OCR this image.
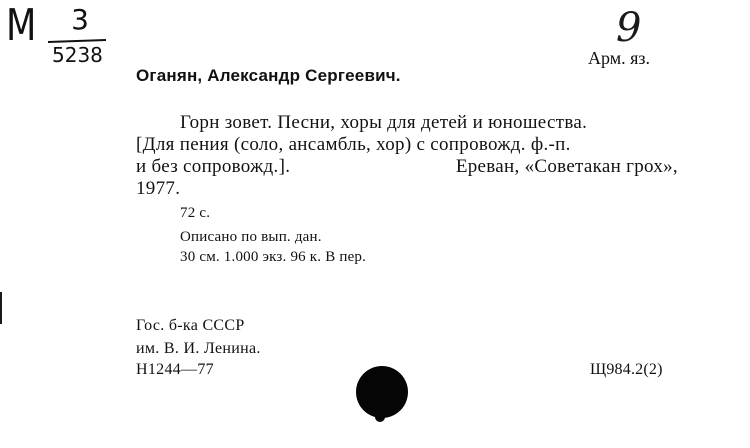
М	3
5238
9
Арм. яз.
Оганян, Александр Сергеевич.
Горн зовет. Песни, хоры для детей и юношества.
[Для пения (соло, ансамбль, хор) с сопровожд. ф.-п.
и без сопровожд.].	Ереван, «Советакан грох»,
1977.
72 с.
Описано по вып. дан.
30 см. 1.000 экз. 96 к. В пер.
Гос. б-ка СССР
им. В. И. Ленина.
Н1244—77	Щ984.2(2)
